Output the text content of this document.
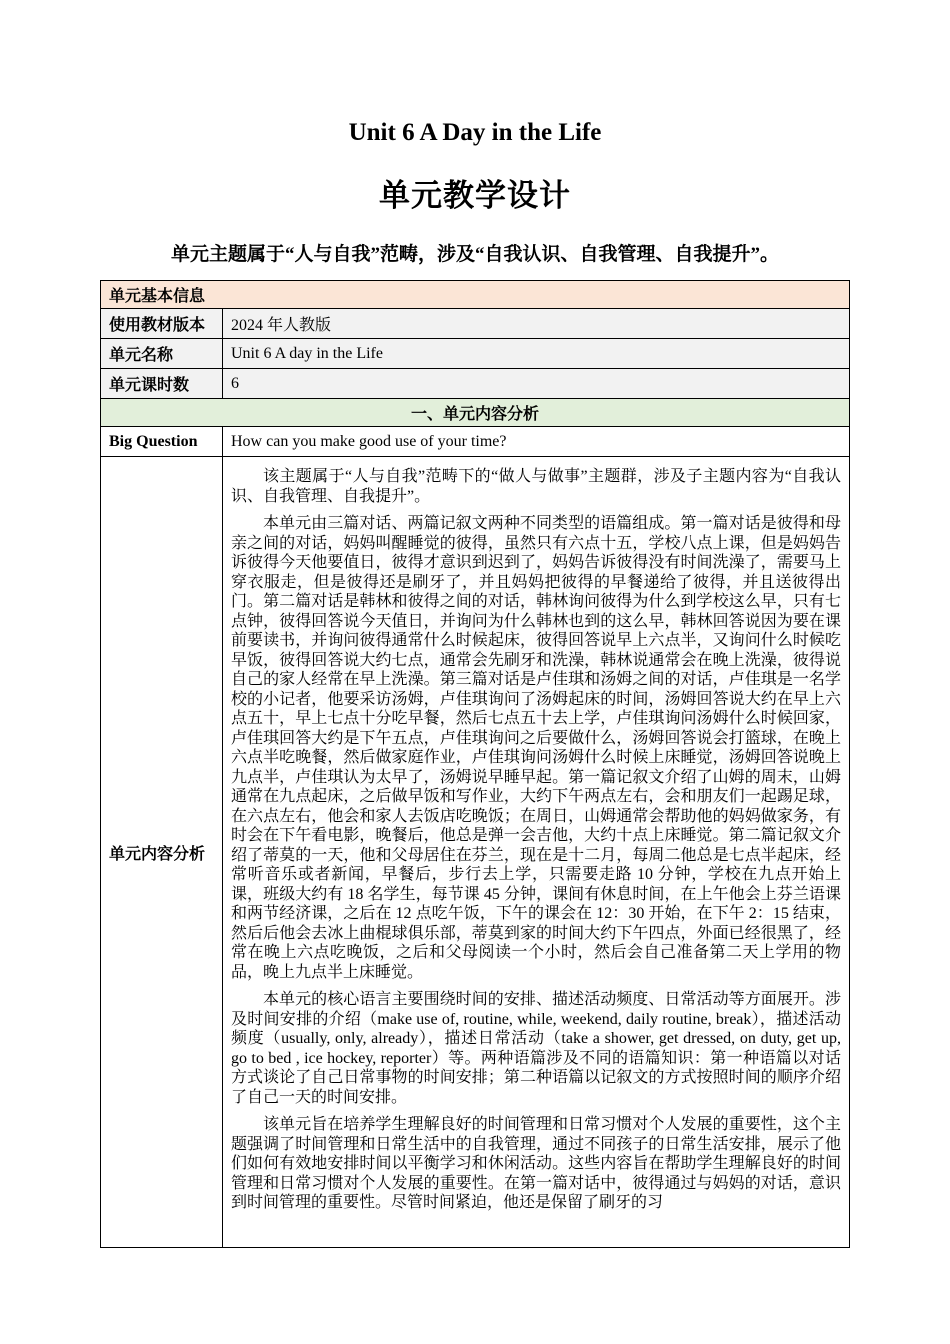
Unit 6 A Day in the Life
单元教学设计
单元主题属于“人与自我”范畴，涉及“自我认识、自我管理、自我提升”。
单元基本信息	
使用教材版本	2024 年人教版
单元名称	Unit 6 A day in the Life
单元课时数	6
一、单元内容分析	
Big Question	How can you make good use of your time?
单元内容分析	该主题属于“人与自我”范畴下的“做人与做事”主题群，涉及子主题内容为“自我认识、自我管理、自我提升”。

本单元由三篇对话、两篇记叙文两种不同类型的语篇组成。第一篇对话是彼得和母亲之间的对话，妈妈叫醒睡觉的彼得，虽然只有六点十五，学校八点上课，但是妈妈告诉彼得今天他要值日，彼得才意识到迟到了，妈妈告诉彼得没有时间洗澡了，需要马上穿衣服走，但是彼得还是刷牙了，并且妈妈把彼得的早餐递给了彼得，并且送彼得出门。第二篇对话是韩林和彼得之间的对话，韩林询问彼得为什么到学校这么早，只有七点钟，彼得回答说今天值日，并询问为什么韩林也到的这么早，韩林回答说因为要在课前要读书，并询问彼得通常什么时候起床，彼得回答说早上六点半，又询问什么时候吃早饭，彼得回答说大约七点，通常会先刷牙和洗澡，韩林说通常会在晚上洗澡，彼得说自己的家人经常在早上洗澡。第三篇对话是卢佳琪和汤姆之间的对话，卢佳琪是一名学校的小记者，他要采访汤姆，卢佳琪询问了汤姆起床的时间，汤姆回答说大约在早上六点五十，早上七点十分吃早餐，然后七点五十去上学，卢佳琪询问汤姆什么时候回家，卢佳琪回答大约是下午五点，卢佳琪询问之后要做什么，汤姆回答说会打篮球，在晚上六点半吃晚餐，然后做家庭作业，卢佳琪询问汤姆什么时候上床睡觉，汤姆回答说晚上九点半，卢佳琪认为太早了，汤姆说早睡早起。第一篇记叙文介绍了山姆的周末，山姆通常在九点起床，之后做早饭和写作业，大约下午两点左右，会和朋友们一起踢足球，在六点左右，他会和家人去饭店吃晚饭；在周日，山姆通常会帮助他的妈妈做家务，有时会在下午看电影，晚餐后，他总是弹一会吉他，大约十点上床睡觉。第二篇记叙文介绍了蒂莫的一天，他和父母居住在芬兰，现在是十二月，每周二他总是七点半起床，经常听音乐或者新闻，早餐后，步行去上学，只需要走路 10 分钟，学校在九点开始上课，班级大约有 18 名学生，每节课 45 分钟，课间有休息时间，在上午他会上芬兰语课和两节经济课，之后在 12 点吃午饭，下午的课会在 12：30 开始，在下午 2：15 结束，然后后他会去冰上曲棍球俱乐部，蒂莫到家的时间大约下午四点，外面已经很黑了，经常在晚上六点吃晚饭，之后和父母阅读一个小时，然后会自己准备第二天上学用的物品，晚上九点半上床睡觉。

本单元的核心语言主要围绕时间的安排、描述活动频度、日常活动等方面展开。涉及时间安排的介绍（make use of, routine, while, weekend, daily routine, break），描述活动频度（usually, only, already），描述日常活动（take a shower, get dressed, on duty, get up, go to bed , ice hockey, reporter）等。两种语篇涉及不同的语篇知识：第一种语篇以对话方式谈论了自己日常事物的时间安排；第二种语篇以记叙文的方式按照时间的顺序介绍了自己一天的时间安排。

该单元旨在培养学生理解良好的时间管理和日常习惯对个人发展的重要性，这个主题强调了时间管理和日常生活中的自我管理，通过不同孩子的日常生活安排，展示了他们如何有效地安排时间以平衡学习和休闲活动。这些内容旨在帮助学生理解良好的时间管理和日常习惯对个人发展的重要性。在第一篇对话中，彼得通过与妈妈的对话，意识到时间管理的重要性。尽管时间紧迫，他还是保留了刷牙的习
